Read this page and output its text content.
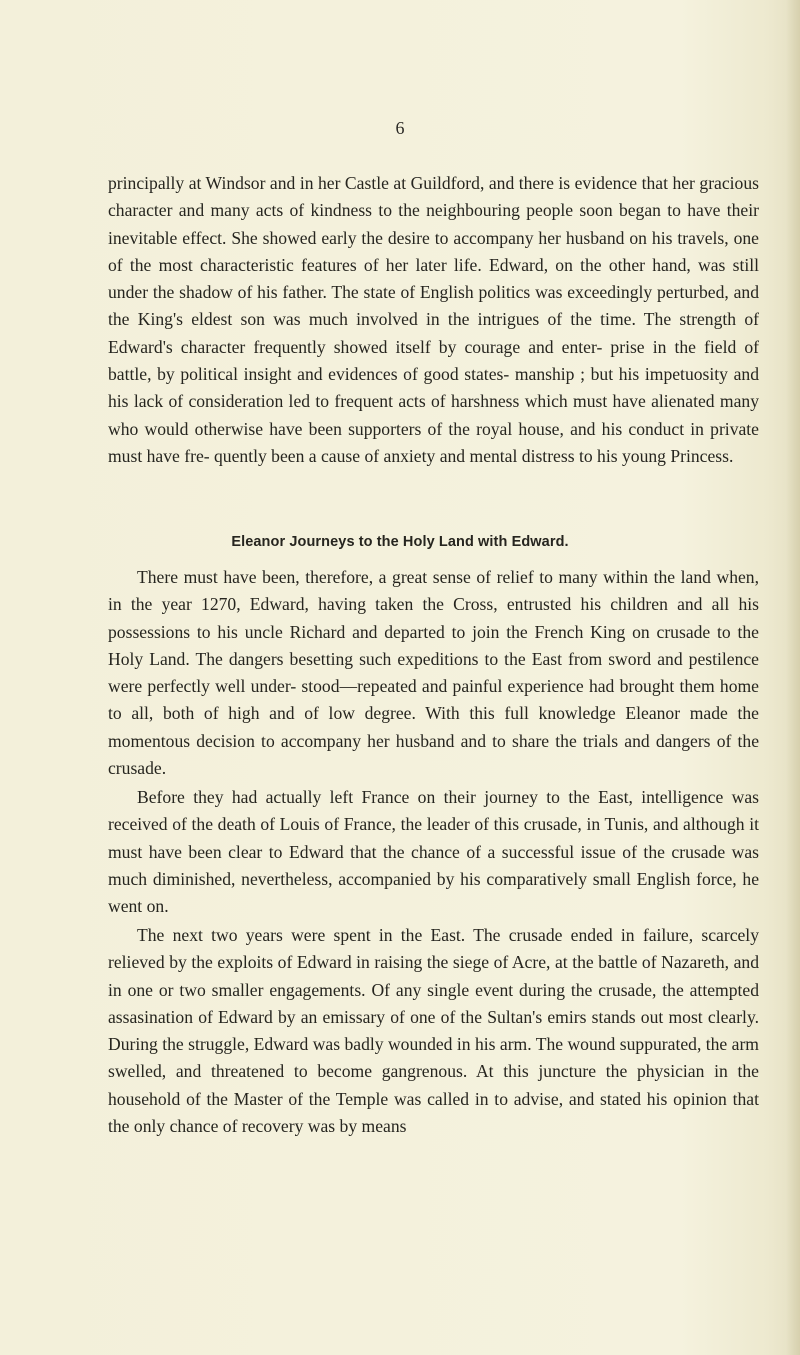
6

principally at Windsor and in her Castle at Guildford, and there is evidence that her gracious character and many acts of kindness to the neighbouring people soon began to have their inevitable effect. She showed early the desire to accompany her husband on his travels, one of the most characteristic features of her later life. Edward, on the other hand, was still under the shadow of his father. The state of English politics was exceedingly perturbed, and the King's eldest son was much involved in the intrigues of the time. The strength of Edward's character frequently showed itself by courage and enter- prise in the field of battle, by political insight and evidences of good states- manship ; but his impetuosity and his lack of consideration led to frequent acts of harshness which must have alienated many who would otherwise have been supporters of the royal house, and his conduct in private must have fre- quently been a cause of anxiety and mental distress to his young Princess.

Eleanor Journeys to the Holy Land with Edward.

There must have been, therefore, a great sense of relief to many within the land when, in the year 1270, Edward, having taken the Cross, entrusted his children and all his possessions to his uncle Richard and departed to join the French King on crusade to the Holy Land. The dangers besetting such expeditions to the East from sword and pestilence were perfectly well under- stood—repeated and painful experience had brought them home to all, both of high and of low degree. With this full knowledge Eleanor made the momentous decision to accompany her husband and to share the trials and dangers of the crusade.

Before they had actually left France on their journey to the East, intelligence was received of the death of Louis of France, the leader of this crusade, in Tunis, and although it must have been clear to Edward that the chance of a successful issue of the crusade was much diminished, nevertheless, accompanied by his comparatively small English force, he went on.

The next two years were spent in the East. The crusade ended in failure, scarcely relieved by the exploits of Edward in raising the siege of Acre, at the battle of Nazareth, and in one or two smaller engagements. Of any single event during the crusade, the attempted assasination of Edward by an emissary of one of the Sultan's emirs stands out most clearly. During the struggle, Edward was badly wounded in his arm. The wound suppurated, the arm swelled, and threatened to become gangrenous. At this juncture the physician in the household of the Master of the Temple was called in to advise, and stated his opinion that the only chance of recovery was by means
